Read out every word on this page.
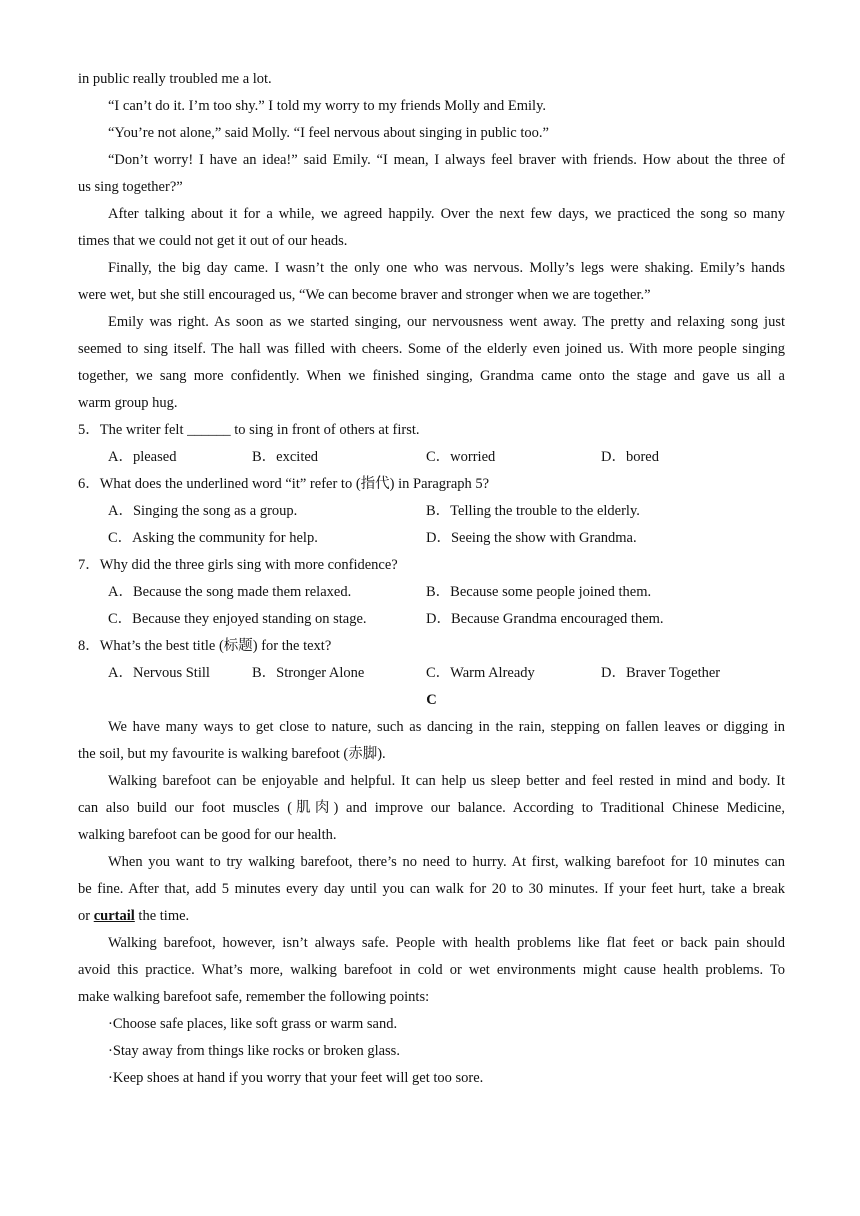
in public really troubled me a lot.
“I can’t do it. I’m too shy.” I told my worry to my friends Molly and Emily.
“You’re not alone,” said Molly. “I feel nervous about singing in public too.”
“Don’t worry! I have an idea!” said Emily. “I mean, I always feel braver with friends. How about the three of
us sing together?”
After talking about it for a while, we agreed happily. Over the next few days, we practiced the song so many
times that we could not get it out of our heads.
Finally, the big day came. I wasn’t the only one who was nervous. Molly’s legs were shaking. Emily’s hands
were wet, but she still encouraged us, “We can become braver and stronger when we are together.”
Emily was right. As soon as we started singing, our nervousness went away. The pretty and relaxing song just
seemed to sing itself. The hall was filled with cheers. Some of the elderly even joined us. With more people singing
together, we sang more confidently. When we finished singing, Grandma came onto the stage and gave us all a
warm group hug.
5．The writer felt ______ to sing in front of others at first.
A．pleased	B．excited	C．worried	D．bored
6．What does the underlined word “it” refer to (指代) in Paragraph 5?
A．Singing the song as a group.	B．Telling the trouble to the elderly.
C．Asking the community for help.	D．Seeing the show with Grandma.
7．Why did the three girls sing with more confidence?
A．Because the song made them relaxed.	B．Because some people joined them.
C．Because they enjoyed standing on stage.	D．Because Grandma encouraged them.
8．What’s the best title (标题) for the text?
A．Nervous Still	B．Stronger Alone	C．Warm Already	D．Braver Together
C
We have many ways to get close to nature, such as dancing in the rain, stepping on fallen leaves or digging in
the soil, but my favourite is walking barefoot (赤脚).
Walking barefoot can be enjoyable and helpful. It can help us sleep better and feel rested in mind and body. It
can also build our foot muscles (肌肉) and improve our balance. According to Traditional Chinese Medicine,
walking barefoot can be good for our health.
When you want to try walking barefoot, there’s no need to hurry. At first, walking barefoot for 10 minutes can
be fine. After that, add 5 minutes every day until you can walk for 20 to 30 minutes. If your feet hurt, take a break
or curtail the time.
Walking barefoot, however, isn’t always safe. People with health problems like flat feet or back pain should
avoid this practice. What’s more, walking barefoot in cold or wet environments might cause health problems. To
make walking barefoot safe, remember the following points:
·Choose safe places, like soft grass or warm sand.
·Stay away from things like rocks or broken glass.
·Keep shoes at hand if you worry that your feet will get too sore.
